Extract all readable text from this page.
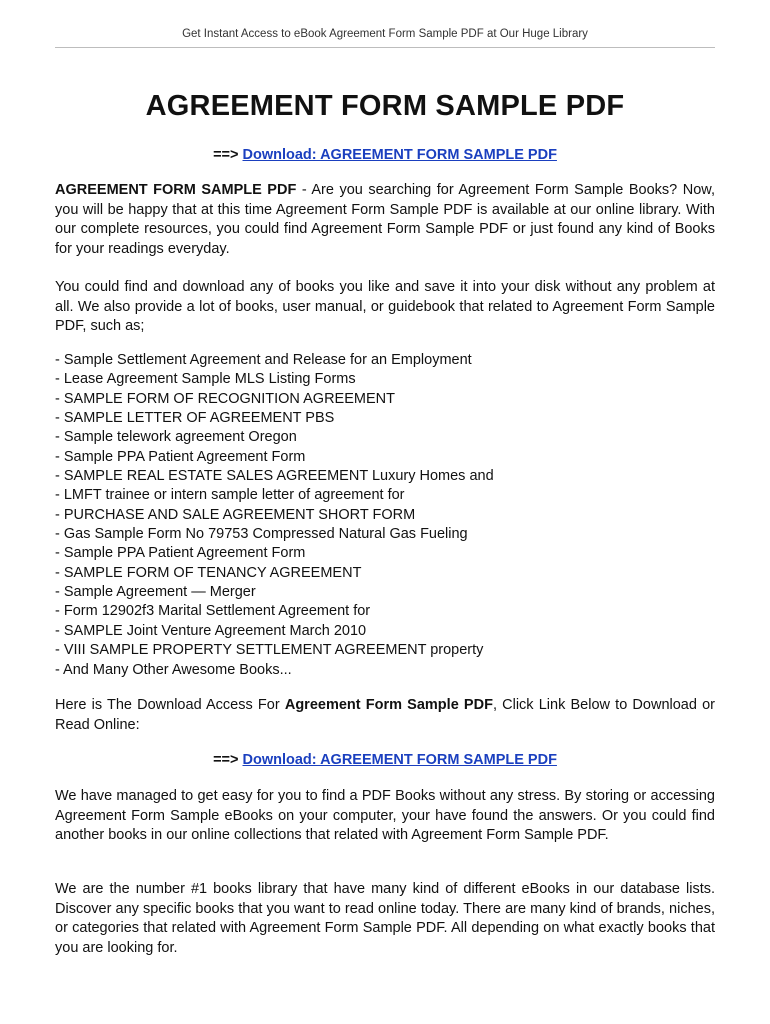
Get Instant Access to eBook Agreement Form Sample PDF at Our Huge Library
AGREEMENT FORM SAMPLE PDF
==> Download: AGREEMENT FORM SAMPLE PDF
AGREEMENT FORM SAMPLE PDF - Are you searching for Agreement Form Sample Books? Now, you will be happy that at this time Agreement Form Sample PDF is available at our online library. With our complete resources, you could find Agreement Form Sample PDF or just found any kind of Books for your readings everyday.
You could find and download any of books you like and save it into your disk without any problem at all. We also provide a lot of books, user manual, or guidebook that related to Agreement Form Sample PDF, such as;
- Sample Settlement Agreement and Release for an Employment
- Lease Agreement Sample MLS Listing Forms
- SAMPLE FORM OF RECOGNITION AGREEMENT
- SAMPLE LETTER OF AGREEMENT PBS
- Sample telework agreement Oregon
- Sample PPA Patient Agreement Form
- SAMPLE REAL ESTATE SALES AGREEMENT Luxury Homes and
- LMFT trainee or intern sample letter of agreement for
- PURCHASE AND SALE AGREEMENT SHORT FORM
- Gas Sample Form No 79753 Compressed Natural Gas Fueling
- Sample PPA Patient Agreement Form
- SAMPLE FORM OF TENANCY AGREEMENT
- Sample Agreement — Merger
- Form 12902f3 Marital Settlement Agreement for
- SAMPLE Joint Venture Agreement March 2010
- VIII SAMPLE PROPERTY SETTLEMENT AGREEMENT property
- And Many Other Awesome Books...
Here is The Download Access For Agreement Form Sample PDF, Click Link Below to Download or Read Online:
==> Download: AGREEMENT FORM SAMPLE PDF
We have managed to get easy for you to find a PDF Books without any stress. By storing or accessing Agreement Form Sample eBooks on your computer, your have found the answers. Or you could find another books in our online collections that related with Agreement Form Sample PDF.
We are the number #1 books library that have many kind of different eBooks in our database lists. Discover any specific books that you want to read online today. There are many kind of brands, niches, or categories that related with Agreement Form Sample PDF. All depending on what exactly books that you are looking for.
